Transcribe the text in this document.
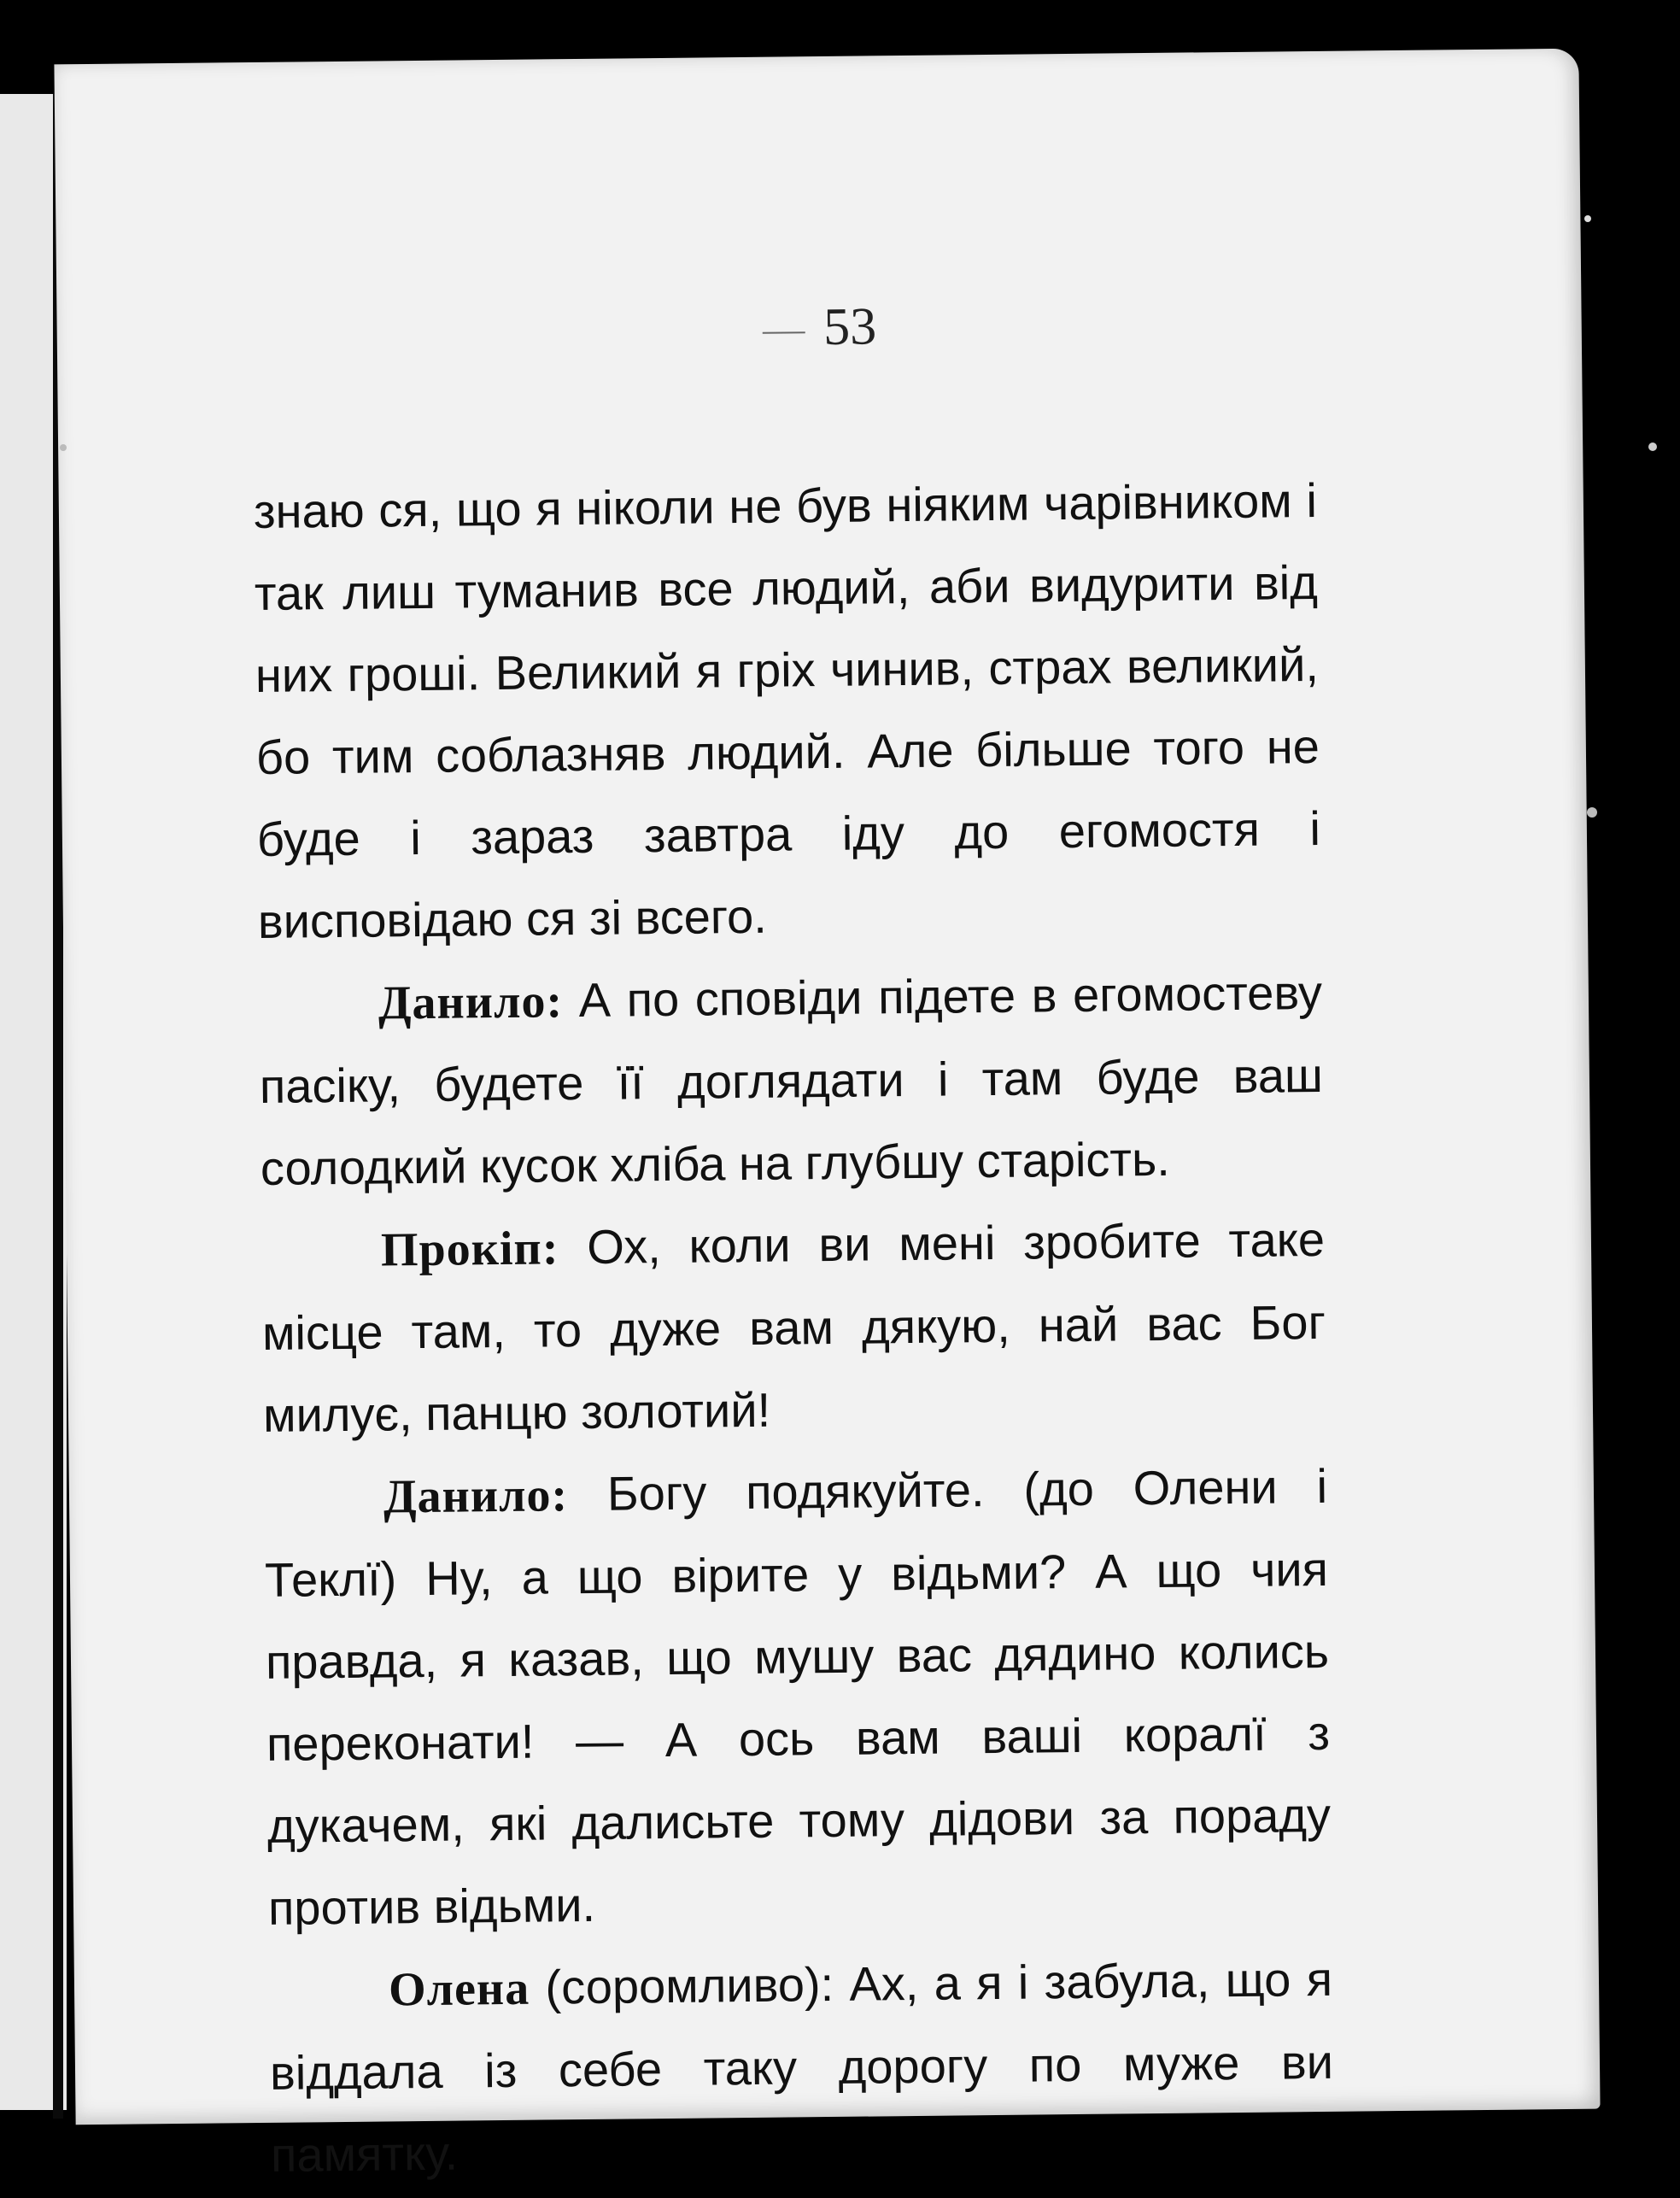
53

знаю ся, що я ніколи не був ніяким чарівником і так лиш туманив все людий, аби видурити від них гроші. Великий я гріх чинив, страх великий, бо тим соблазняв людий. Але більше того не буде і зараз завтра іду до егомостя і висповідаю ся зі всего.

Данило: А по сповіди підете в егомостеву пасіку, будете її доглядати і там буде ваш солодкий кусок хліба на глубшу старість.

Прокіп: Ох, коли ви мені зробите таке місце там, то дуже вам дякую, най вас Бог милує, панцю золотий!

Данило: Богу подякуйте. (до Олени і Теклї) Ну, а що вірите у відьми? А що чия правда, я казав, що мушу вас дядино колись переконати! — А ось вам ваші коралї з дукачем, які далисьте тому дідови за пораду против відьми.

Олена (соромливо): Ах, а я і забула, що я віддала із себе таку дорогу по муже ви памятку.
